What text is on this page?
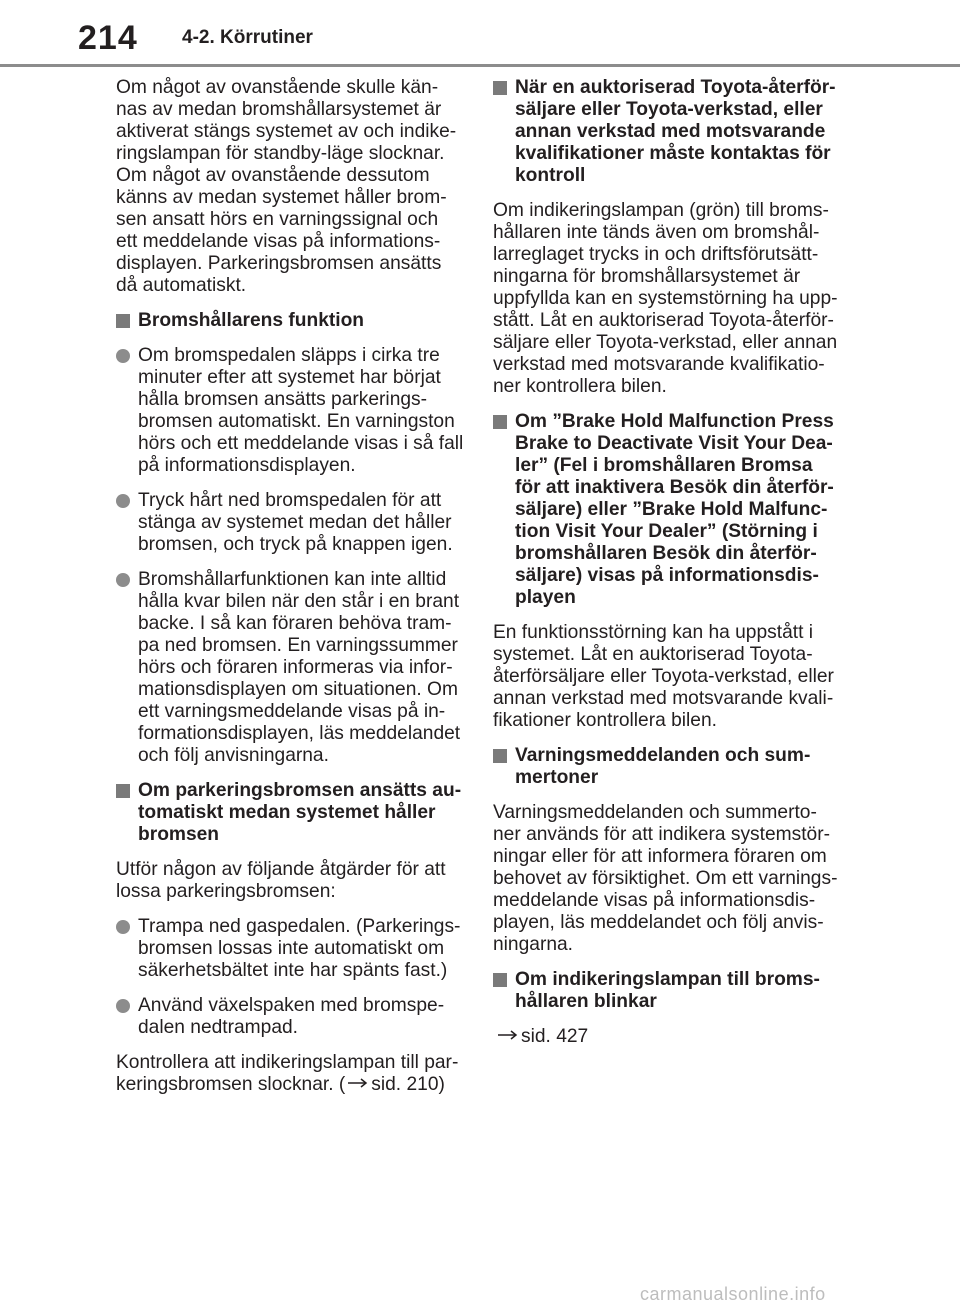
214 4-2. Körrutiner

Om något av ovanstående skulle kän-
nas av medan bromshållarsystemet är
aktiverat stängs systemet av och indike-
ringslampan för standby-läge slocknar.
Om något av ovanstående dessutom
känns av medan systemet håller brom-
sen ansatt hörs en varningssignal och
ett meddelande visas på informations-
displayen. Parkeringsbromsen ansätts
då automatiskt.

Bromshållarens funktion

Om bromspedalen släpps i cirka tre
minuter efter att systemet har börjat
hålla bromsen ansätts parkerings-
bromsen automatiskt. En varningston
hörs och ett meddelande visas i så fall
på informationsdisplayen.

Tryck hårt ned bromspedalen för att
stänga av systemet medan det håller
bromsen, och tryck på knappen igen.

Bromshållarfunktionen kan inte alltid
hålla kvar bilen när den står i en brant
backe. I så kan föraren behöva tram-
pa ned bromsen. En varningssummer
hörs och föraren informeras via infor-
mationsdisplayen om situationen. Om
ett varningsmeddelande visas på in-
formationsdisplayen, läs meddelandet
och följ anvisningarna.

Om parkeringsbromsen ansätts au-
tomatiskt medan systemet håller
bromsen

Utför någon av följande åtgärder för att
lossa parkeringsbromsen:

Trampa ned gaspedalen. (Parkerings-
bromsen lossas inte automatiskt om
säkerhetsbältet inte har spänts fast.)

Använd växelspaken med bromspe-
dalen nedtrampad.

Kontrollera att indikeringslampan till par-
keringsbromsen slocknar. ( sid. 210)

När en auktoriserad Toyota-återför-
säljare eller Toyota-verkstad, eller
annan verkstad med motsvarande
kvalifikationer måste kontaktas för
kontroll

Om indikeringslampan (grön) till broms-
hållaren inte tänds även om bromshål-
larreglaget trycks in och driftsförutsätt-
ningarna för bromshållarsystemet är
uppfyllda kan en systemstörning ha upp-
stått. Låt en auktoriserad Toyota-återför-
säljare eller Toyota-verkstad, eller annan
verkstad med motsvarande kvalifikatio-
ner kontrollera bilen.

Om ”Brake Hold Malfunction Press
Brake to Deactivate Visit Your Dea-
ler” (Fel i bromshållaren Bromsa
för att inaktivera Besök din återför-
säljare) eller ”Brake Hold Malfunc-
tion Visit Your Dealer” (Störning i
bromshållaren Besök din återför-
säljare) visas på informationsdis-
playen

En funktionsstörning kan ha uppstått i
systemet. Låt en auktoriserad Toyota-
återförsäljare eller Toyota-verkstad, eller
annan verkstad med motsvarande kvali-
fikationer kontrollera bilen.

Varningsmeddelanden och sum-
mertoner

Varningsmeddelanden och summerto-
ner används för att indikera systemstör-
ningar eller för att informera föraren om
behovet av försiktighet. Om ett varnings-
meddelande visas på informationsdis-
playen, läs meddelandet och följ anvis-
ningarna.

Om indikeringslampan till broms-
hållaren blinkar

sid. 427

carmanualsonline.info
